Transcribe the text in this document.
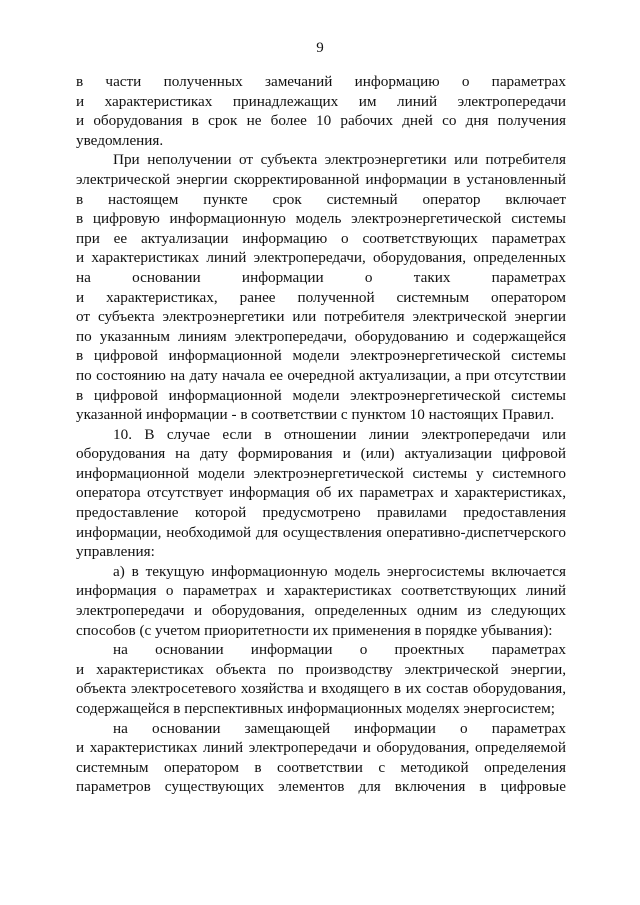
9
в части полученных замечаний информацию о параметрах
и характеристиках принадлежащих им линий электропередачи
и оборудования в срок не более 10 рабочих дней со дня получения
уведомления.
При неполучении от субъекта электроэнергетики или потребителя
электрической энергии скорректированной информации в установленный
в настоящем пункте срок системный оператор включает
в цифровую информационную модель электроэнергетической системы
при ее актуализации информацию о соответствующих параметрах
и характеристиках линий электропередачи, оборудования, определенных
на основании информации о таких параметрах
и характеристиках, ранее полученной системным оператором
от субъекта электроэнергетики или потребителя электрической энергии
по указанным линиям электропередачи, оборудованию и содержащейся
в цифровой информационной модели электроэнергетической системы
по состоянию на дату начала ее очередной актуализации, а при отсутствии
в цифровой информационной модели электроэнергетической системы
указанной информации - в соответствии с пунктом 10 настоящих Правил.
10. В случае если в отношении линии электропередачи или
оборудования на дату формирования и (или) актуализации цифровой
информационной модели электроэнергетической системы у системного
оператора отсутствует информация об их параметрах и характеристиках,
предоставление которой предусмотрено правилами предоставления
информации, необходимой для осуществления оперативно-диспетчерского
управления:
а) в текущую информационную модель энергосистемы включается
информация о параметрах и характеристиках соответствующих линий
электропередачи и оборудования, определенных одним из следующих
способов (с учетом приоритетности их применения в порядке убывания):
на основании информации о проектных параметрах
и характеристиках объекта по производству электрической энергии,
объекта электросетевого хозяйства и входящего в их состав оборудования,
содержащейся в перспективных информационных моделях энергосистем;
на основании замещающей информации о параметрах
и характеристиках линий электропередачи и оборудования, определяемой
системным оператором в соответствии с методикой определения
параметров существующих элементов для включения в цифровые
